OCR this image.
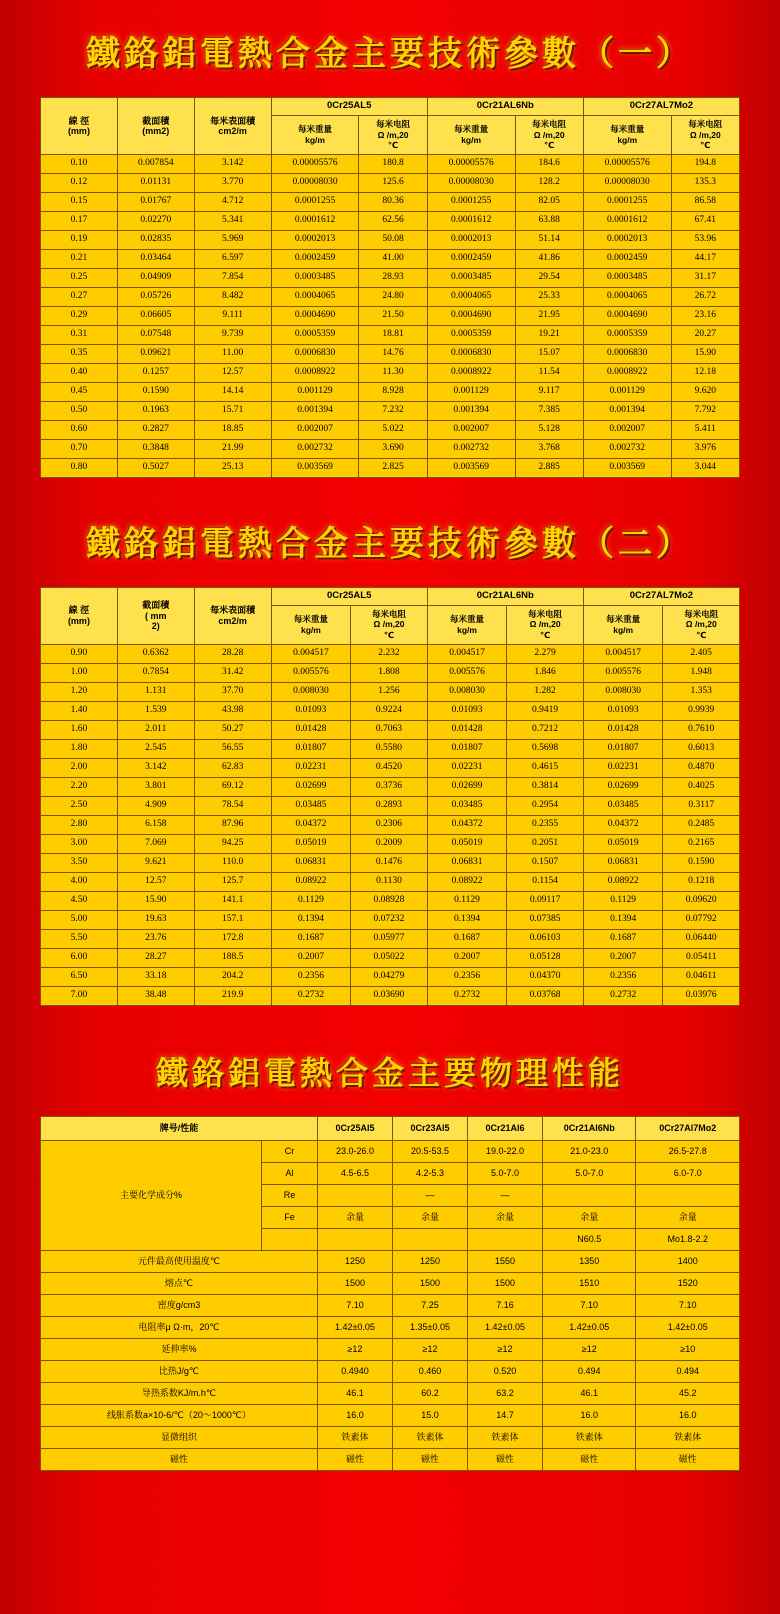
鐵鉻鋁電熱合金主要技術參數（一）
線 徑
(mm)

截面積
(mm2)

每米表面積
cm2/m
	0Cr25AL5	0Cr21AL6Nb	0Cr27AL7Mo2

每米重量
kg/m

每米电阻
Ω /m,20
℃

每米重量
kg/m

每米电阻
Ω /m,20
℃

每米重量
kg/m

每米电阻
Ω /m,20
℃

0.10	0.007854	3.142	0.00005576	180.8	0.00005576	184.6	0.00005576	194.8
0.12	0.01131	3.770	0.00008030	125.6	0.00008030	128.2	0.00008030	135.3
0.15	0.01767	4.712	0.0001255	80.36	0.0001255	82.05	0.0001255	86.58
0.17	0.02270	5.341	0.0001612	62.56	0.0001612	63.88	0.0001612	67.41
0.19	0.02835	5.969	0.0002013	50.08	0.0002013	51.14	0.0002013	53.96
0.21	0.03464	6.597	0.0002459	41.00	0.0002459	41.86	0.0002459	44.17
0.25	0.04909	7.854	0.0003485	28.93	0.0003485	29.54	0.0003485	31.17
0.27	0.05726	8.482	0.0004065	24.80	0.0004065	25.33	0.0004065	26.72
0.29	0.06605	9.111	0.0004690	21.50	0.0004690	21.95	0.0004690	23.16
0.31	0.07548	9.739	0.0005359	18.81	0.0005359	19.21	0.0005359	20.27
0.35	0.09621	11.00	0.0006830	14.76	0.0006830	15.07	0.0006830	15.90
0.40	0.1257	12.57	0.0008922	11.30	0.0008922	11.54	0.0008922	12.18
0.45	0.1590	14.14	0.001129	8.928	0.001129	9.117	0.001129	9.620
0.50	0.1963	15.71	0.001394	7.232	0.001394	7.385	0.001394	7.792
0.60	0.2827	18.85	0.002007	5.022	0.002007	5.128	0.002007	5.411
0.70	0.3848	21.99	0.002732	3.690	0.002732	3.768	0.002732	3.976
0.80	0.5027	25.13	0.003569	2.825	0.003569	2.885	0.003569	3.044
鐵鉻鋁電熱合金主要技術參數（二）
線 徑
(mm)

截面積
( mm
2)

每米表面積
cm2/m
	0Cr25AL5	0Cr21AL6Nb	0Cr27AL7Mo2

每米重量
kg/m

每米电阻
Ω /m,20
℃

每米重量
kg/m

每米电阻
Ω /m,20
℃

每米重量
kg/m

每米电阻
Ω /m,20
℃

0.90	0.6362	28.28	0.004517	2.232	0.004517	2.279	0.004517	2.405
1.00	0.7854	31.42	0.005576	1.808	0.005576	1.846	0.005576	1.948
1.20	1.131	37.70	0.008030	1.256	0.008030	1.282	0.008030	1.353
1.40	1.539	43.98	0.01093	0.9224	0.01093	0.9419	0.01093	0.9939
1.60	2.011	50.27	0.01428	0.7063	0.01428	0.7212	0.01428	0.7610
1.80	2.545	56.55	0.01807	0.5580	0.01807	0.5698	0.01807	0.6013
2.00	3.142	62.83	0.02231	0.4520	0.02231	0.4615	0.02231	0.4870
2.20	3.801	69.12	0.02699	0.3736	0.02699	0.3814	0.02699	0.4025
2.50	4.909	78.54	0.03485	0.2893	0.03485	0.2954	0.03485	0.3117
2.80	6.158	87.96	0.04372	0.2306	0.04372	0.2355	0.04372	0.2485
3.00	7.069	94.25	0.05019	0.2009	0.05019	0.2051	0.05019	0.2165
3.50	9.621	110.0	0.06831	0.1476	0.06831	0.1507	0.06831	0.1590
4.00	12.57	125.7	0.08922	0.1130	0.08922	0.1154	0.08922	0.1218
4.50	15.90	141.1	0.1129	0.08928	0.1129	0.09117	0.1129	0.09620
5.00	19.63	157.1	0.1394	0.07232	0.1394	0.07385	0.1394	0.07792
5.50	23.76	172.8	0.1687	0.05977	0.1687	0.06103	0.1687	0.06440
6.00	28.27	188.5	0.2007	0.05022	0.2007	0.05128	0.2007	0.05411
6.50	33.18	204.2	0.2356	0.04279	0.2356	0.04370	0.2356	0.04611
7.00	38.48	219.9	0.2732	0.03690	0.2732	0.03768	0.2732	0.03976
鐵鉻鋁電熱合金主要物理性能
牌号/性能		0Cr25Al5	0Cr23Al5	0Cr21Al6	0Cr21Al6Nb	0Cr27Al7Mo2
主要化学成分%	Cr	23.0-26.0	20.5-53.5	19.0-22.0	21.0-23.0	26.5-27.8
	Al	4.5-6.5	4.2-5.3	5.0-7.0	5.0-7.0	6.0-7.0
	Re		—	—		
	Fe	余量	余量	余量	余量	余量
					N60.5	Mo1.8-2.2
元件最高使用温度℃		1250	1250	1550	1350	1400
熔点℃		1500	1500	1500	1510	1520
密度g/cm3		7.10	7.25	7.16	7.10	7.10
电阻率μ Ω·m，20℃		1.42±0.05	1.35±0.05	1.42±0.05	1.42±0.05	1.42±0.05
延伸率%		≥12	≥12	≥12	≥12	≥10
比热J/g℃		0.4940	0.460	0.520	0.494	0.494
导热系数KJ/m.h℃		46.1	60.2	63.2	46.1	45.2
线胀系数a×10-6/℃（20～1000℃）		16.0	15.0	14.7	16.0	16.0
显微组织		铁素体	铁素体	铁素体	铁素体	铁素体
磁性		磁性	磁性	磁性	磁性	磁性
